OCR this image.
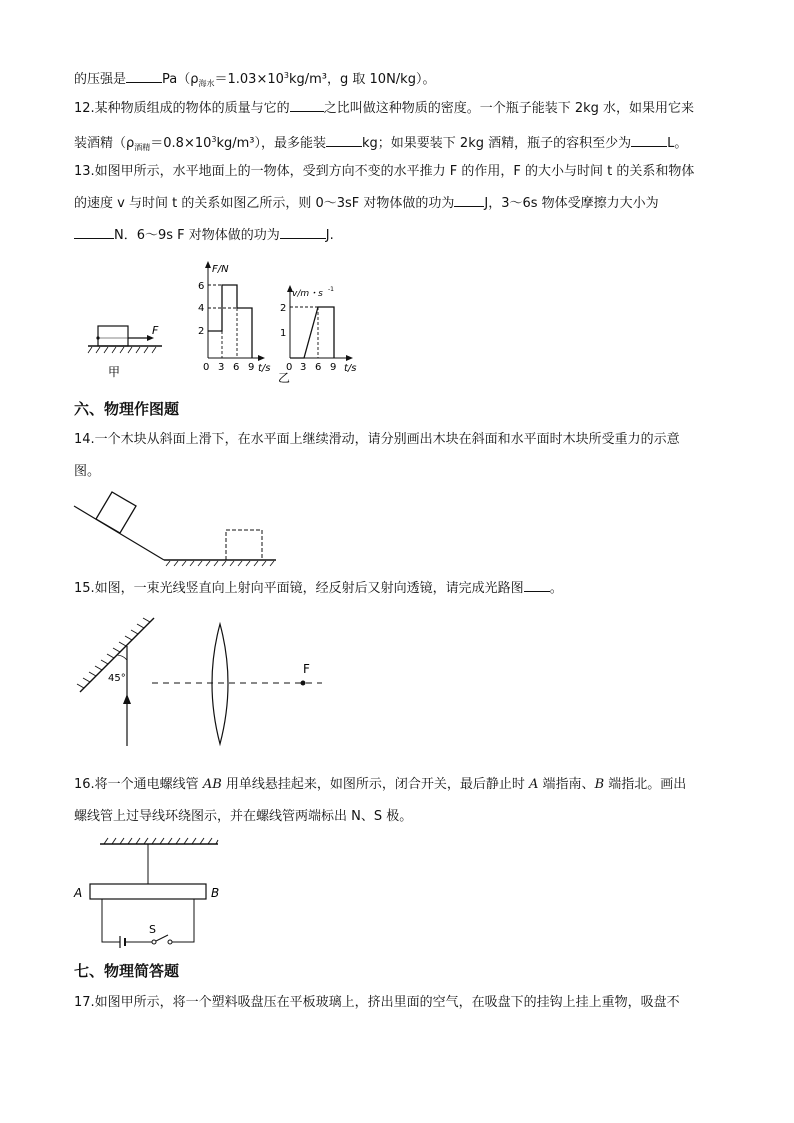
的压强是	$Pa(\rho_{海水}=1.03\times 10^3kg/m^3$，g 取 10N/kg）。
12.某种物质组成的物体的质量与它的	之比叫做这种物质的密度。一个瓶子能装下 2kg 水，如果用它来
装酒精$(\rho_{酒精}=0.8\times 10^3kg/m^3)$，最多能装	kg；如果要装下 2kg 酒精，瓶子的容积至少为	L。
13.如图甲所示，水平地面上的一物体，受到方向不变的水平推力 F 的作用，F 的大小与时间 t 的关系和物体
的速度 v 与时间 t 的关系如图乙所示，则 0～3sF 对物体做的功为 J，3～6s 物体受摩擦力大小为
N．6～9s F 对物体做的功为	J.
F
甲
F/N
6
4
2
0 3 6 9 t/s
v/m・s -1
2
1
0 3 6 9 t/s
乙
六、物理作图题
14.一个木块从斜面上滑下，在水平面上继续滑动，请分别画出木块在斜面和水平面时木块所受重力的示意
图。
15.如图，一束光线竖直向上射向平面镜，经反射后又射向透镜，请完成光路图 。
45°
F
16.将一个通电螺线管 AB 用单线悬挂起来，如图所示，闭合开关，最后静止时 A 端指南、B 端指北。画出
螺线管上过导线环绕图示，并在螺线管两端标出 N、S 极。
A	B
S
七、物理简答题
17.如图甲所示，将一个塑料吸盘压在平板玻璃上，挤出里面的空气，在吸盘下的挂钩上挂上重物，吸盘不
